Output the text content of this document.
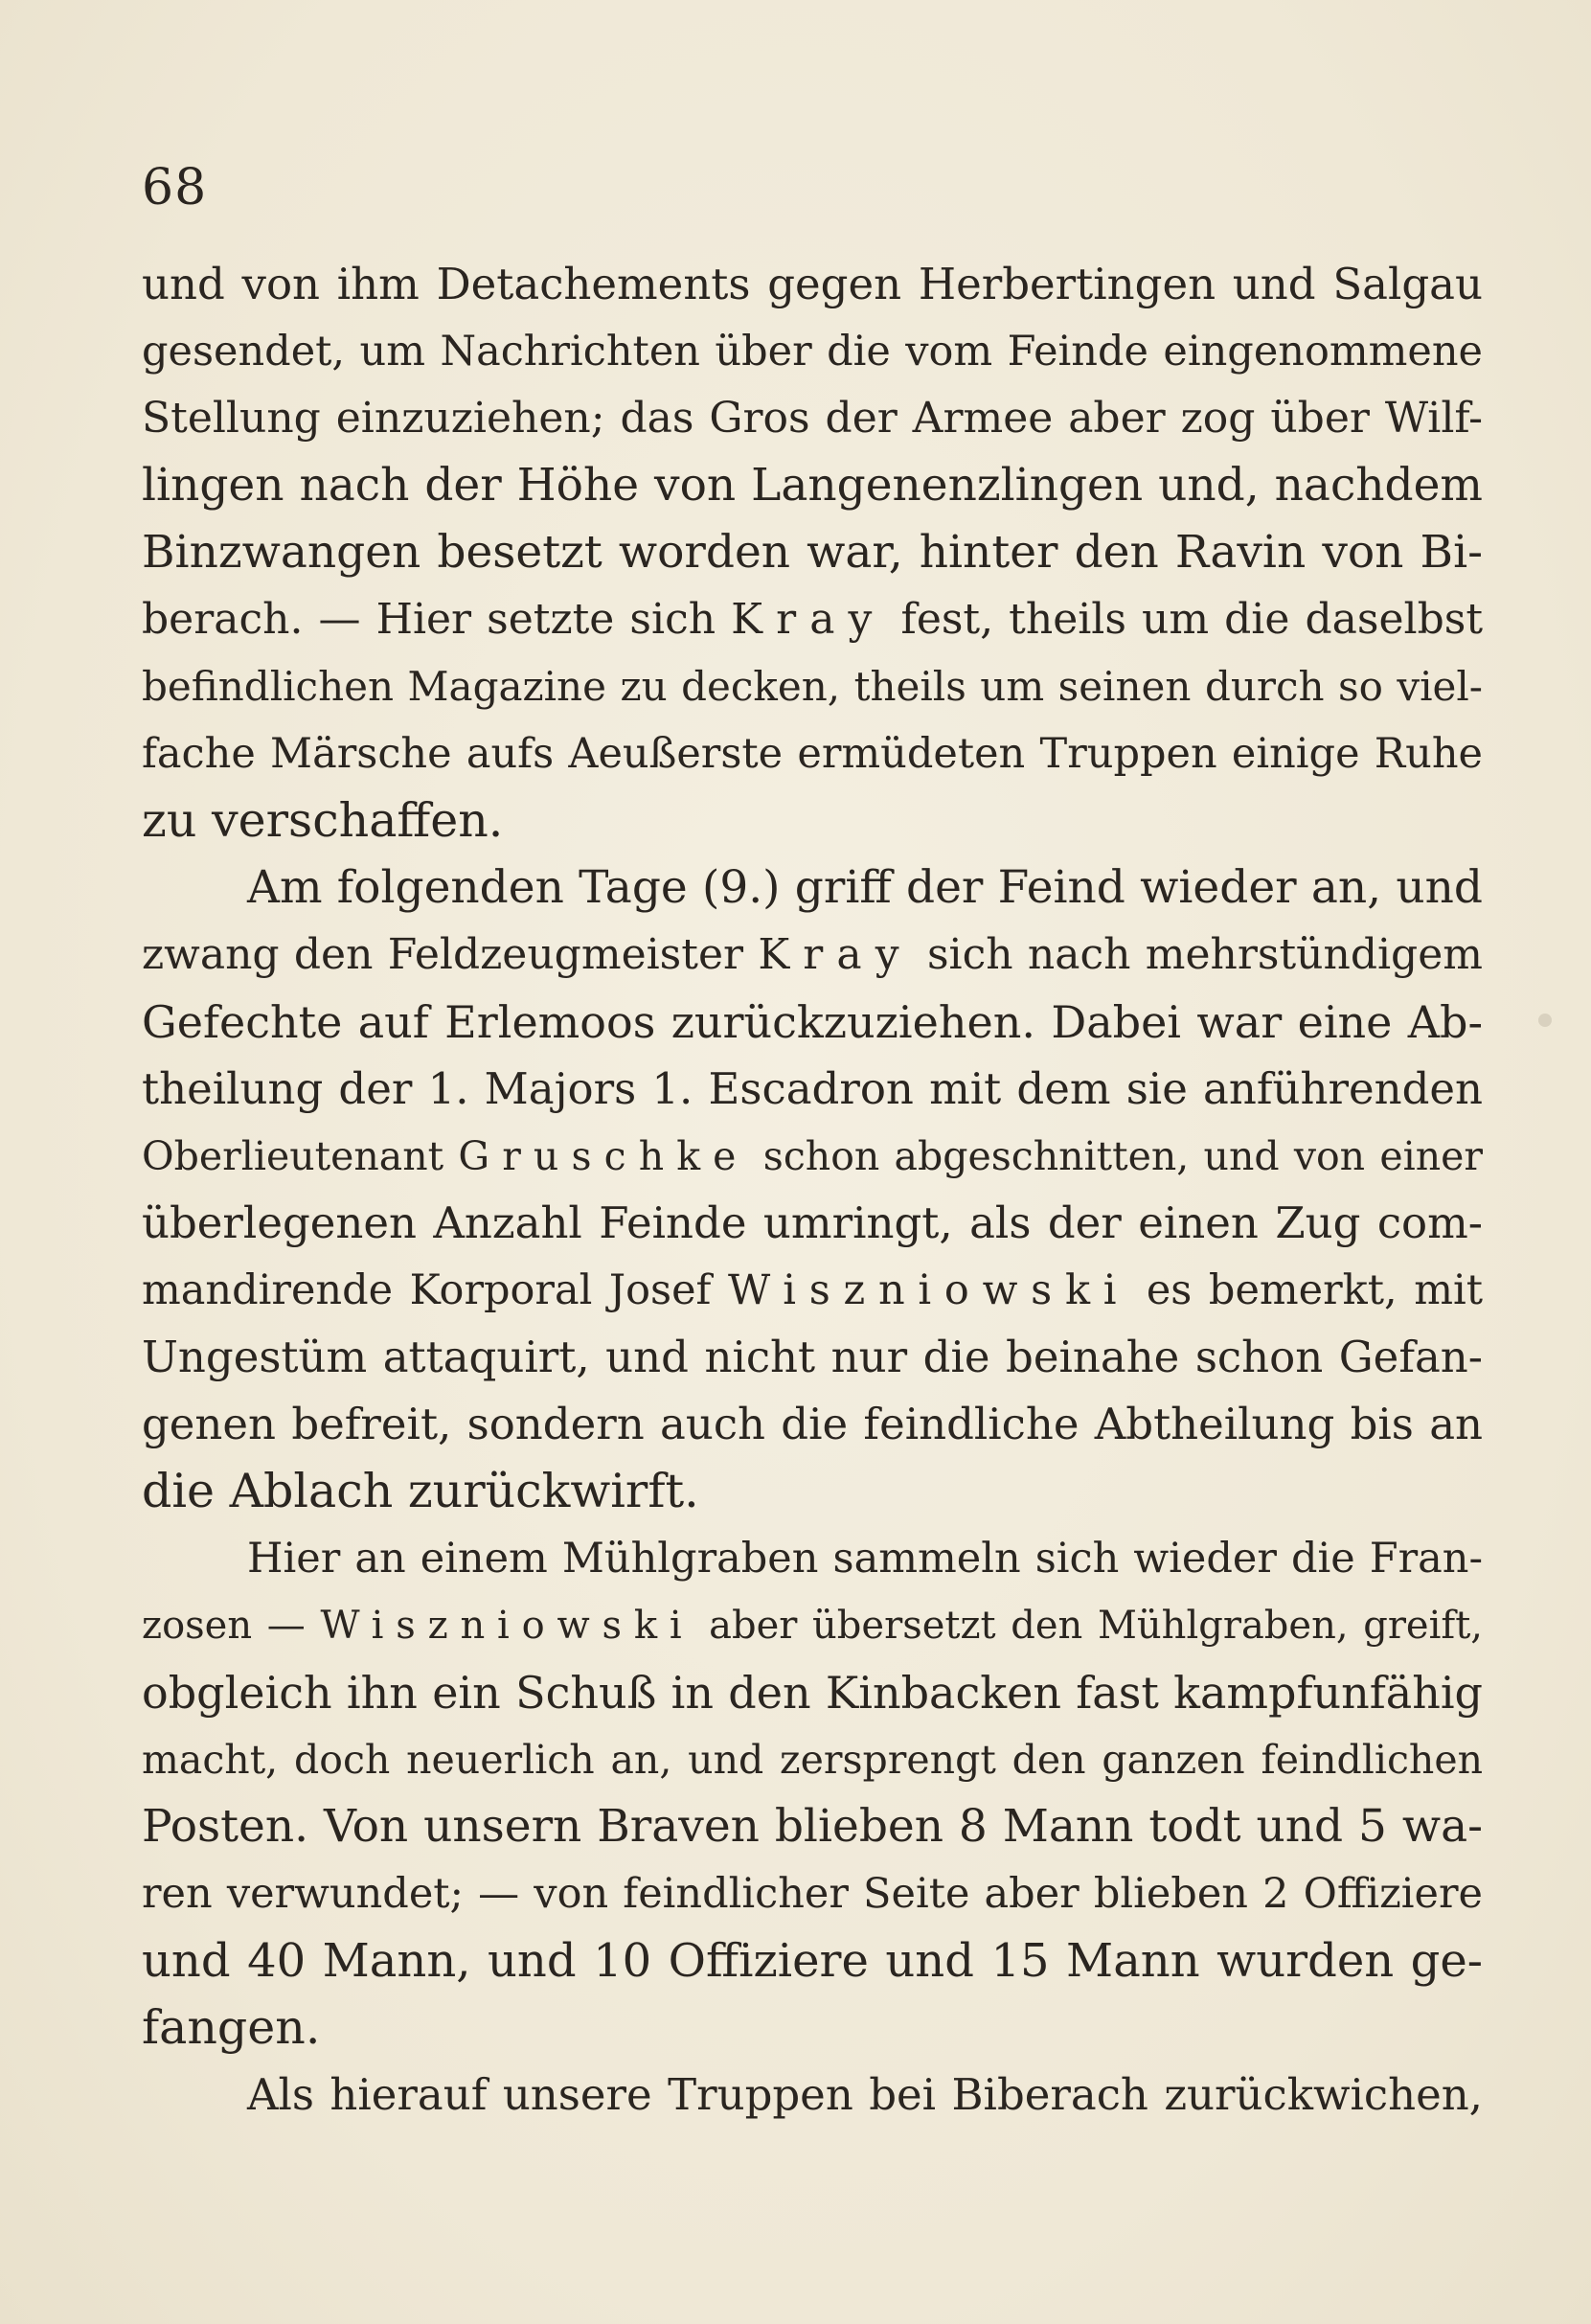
68
und von ihm Detachements gegen Herbertingen und Salgau
gesendet, um Nachrichten über die vom Feinde eingenommene
Stellung einzuziehen; das Gros der Armee aber zog über Wilf-
lingen nach der Höhe von Langenenzlingen und, nachdem
Binzwangen besetzt worden war, hinter den Ravin von Bi-
berach. — Hier setzte sich Kray fest, theils um die daselbst
befindlichen Magazine zu decken, theils um seinen durch so viel-
fache Märsche aufs Aeußerste ermüdeten Truppen einige Ruhe
zu verschaffen.
Am folgenden Tage (9.) griff der Feind wieder an, und
zwang den Feldzeugmeister Kray sich nach mehrstündigem
Gefechte auf Erlemoos zurückzuziehen. Dabei war eine Ab-
theilung der 1. Majors 1. Escadron mit dem sie anführenden
Oberlieutenant Gruschke schon abgeschnitten, und von einer
überlegenen Anzahl Feinde umringt, als der einen Zug com-
mandirende Korporal Josef Wiszniowski es bemerkt, mit
Ungestüm attaquirt, und nicht nur die beinahe schon Gefan-
genen befreit, sondern auch die feindliche Abtheilung bis an
die Ablach zurückwirft.
Hier an einem Mühlgraben sammeln sich wieder die Fran-
zosen — Wiszniowski aber übersetzt den Mühlgraben, greift,
obgleich ihn ein Schuß in den Kinbacken fast kampfunfähig
macht, doch neuerlich an, und zersprengt den ganzen feindlichen
Posten. Von unsern Braven blieben 8 Mann todt und 5 wa-
ren verwundet; — von feindlicher Seite aber blieben 2 Offiziere
und 40 Mann, und 10 Offiziere und 15 Mann wurden ge-
fangen.
Als hierauf unsere Truppen bei Biberach zurückwichen,
